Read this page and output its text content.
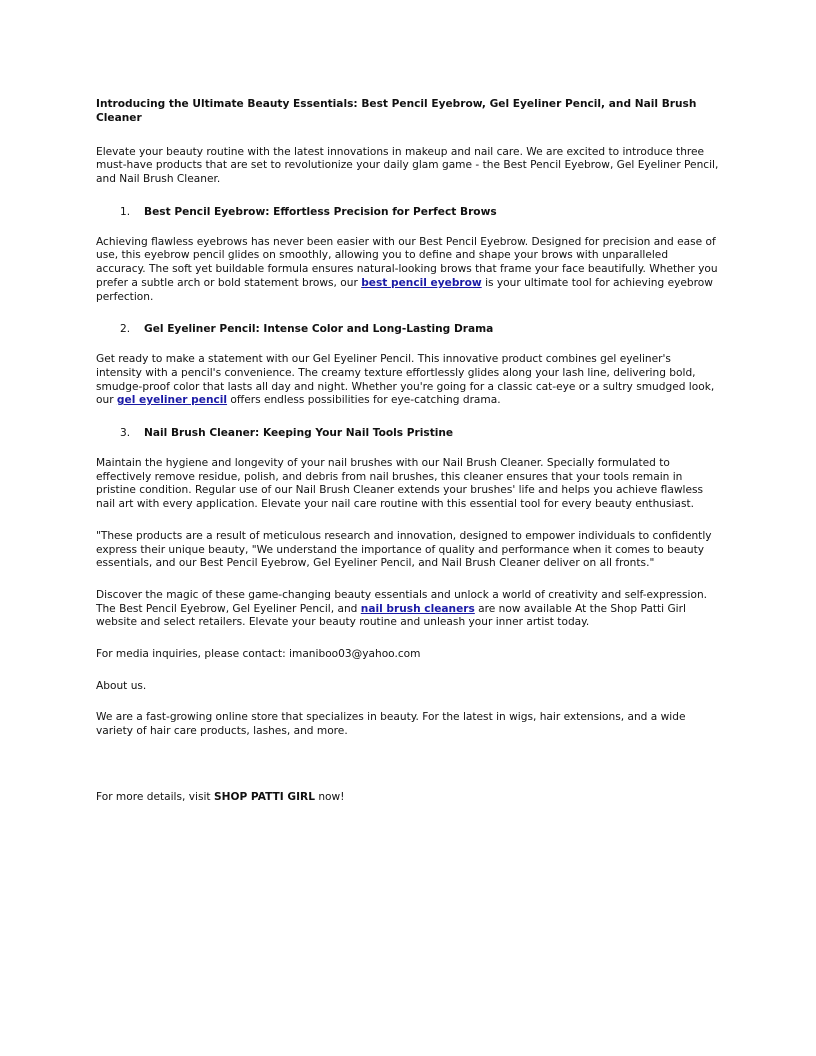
Introducing the Ultimate Beauty Essentials: Best Pencil Eyebrow, Gel Eyeliner Pencil, and Nail Brush Cleaner

Elevate your beauty routine with the latest innovations in makeup and nail care. We are excited to introduce three must-have products that are set to revolutionize your daily glam game - the Best Pencil Eyebrow, Gel Eyeliner Pencil, and Nail Brush Cleaner.

1. Best Pencil Eyebrow: Effortless Precision for Perfect Brows

Achieving flawless eyebrows has never been easier with our Best Pencil Eyebrow. Designed for precision and ease of use, this eyebrow pencil glides on smoothly, allowing you to define and shape your brows with unparalleled accuracy. The soft yet buildable formula ensures natural-looking brows that frame your face beautifully. Whether you prefer a subtle arch or bold statement brows, our best pencil eyebrow is your ultimate tool for achieving eyebrow perfection.

2. Gel Eyeliner Pencil: Intense Color and Long-Lasting Drama

Get ready to make a statement with our Gel Eyeliner Pencil. This innovative product combines gel eyeliner's intensity with a pencil's convenience. The creamy texture effortlessly glides along your lash line, delivering bold, smudge-proof color that lasts all day and night. Whether you're going for a classic cat-eye or a sultry smudged look, our gel eyeliner pencil offers endless possibilities for eye-catching drama.

3. Nail Brush Cleaner: Keeping Your Nail Tools Pristine

Maintain the hygiene and longevity of your nail brushes with our Nail Brush Cleaner. Specially formulated to effectively remove residue, polish, and debris from nail brushes, this cleaner ensures that your tools remain in pristine condition. Regular use of our Nail Brush Cleaner extends your brushes' life and helps you achieve flawless nail art with every application. Elevate your nail care routine with this essential tool for every beauty enthusiast.

"These products are a result of meticulous research and innovation, designed to empower individuals to confidently express their unique beauty, "We understand the importance of quality and performance when it comes to beauty essentials, and our Best Pencil Eyebrow, Gel Eyeliner Pencil, and Nail Brush Cleaner deliver on all fronts."

Discover the magic of these game-changing beauty essentials and unlock a world of creativity and self-expression. The Best Pencil Eyebrow, Gel Eyeliner Pencil, and nail brush cleaners are now available At the Shop Patti Girl website and select retailers. Elevate your beauty routine and unleash your inner artist today.

For media inquiries, please contact: imaniboo03@yahoo.com

About us.

We are a fast-growing online store that specializes in beauty. For the latest in wigs, hair extensions, and a wide variety of hair care products, lashes, and more.

For more details, visit SHOP PATTI GIRL now!
